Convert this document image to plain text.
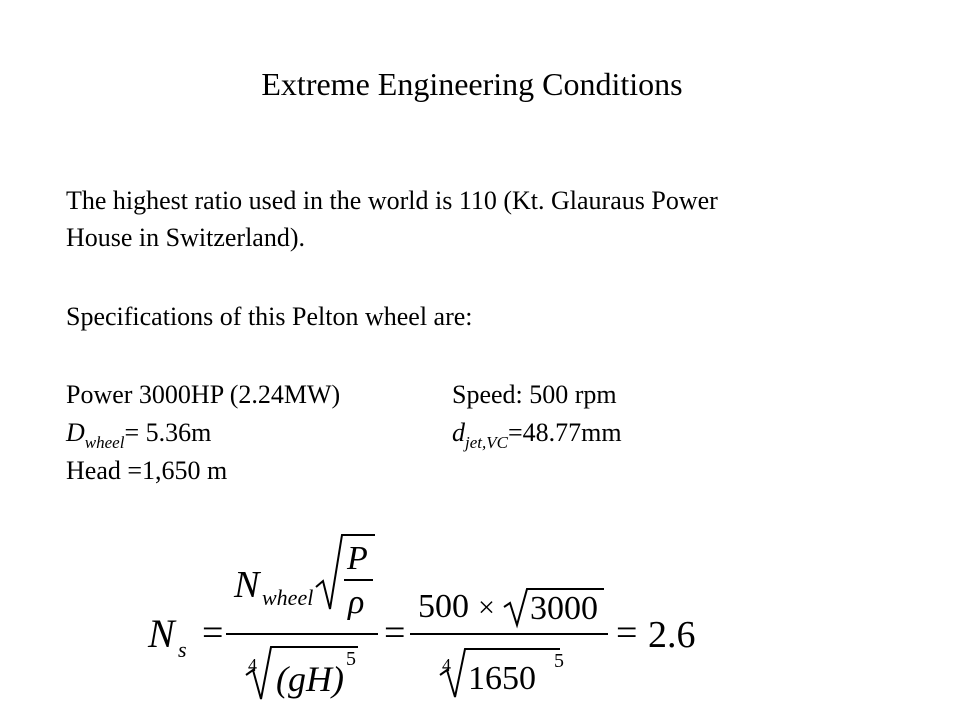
Extreme Engineering Conditions
The highest ratio used in the world is 110 (Kt. Glauraus Power
House in Switzerland).
Specifications of this Pelton wheel are:
Power 3000HP (2.24MW)	Speed: 500 rpm
$D_{wheel}= 5.36m$	$d_{jet,VC}=48.77mm$
Head =1,650 m
N s =
N wheel
P
ρ
4 (gH) 5
=
500 × 3000
4 1650 5
= 2.6
